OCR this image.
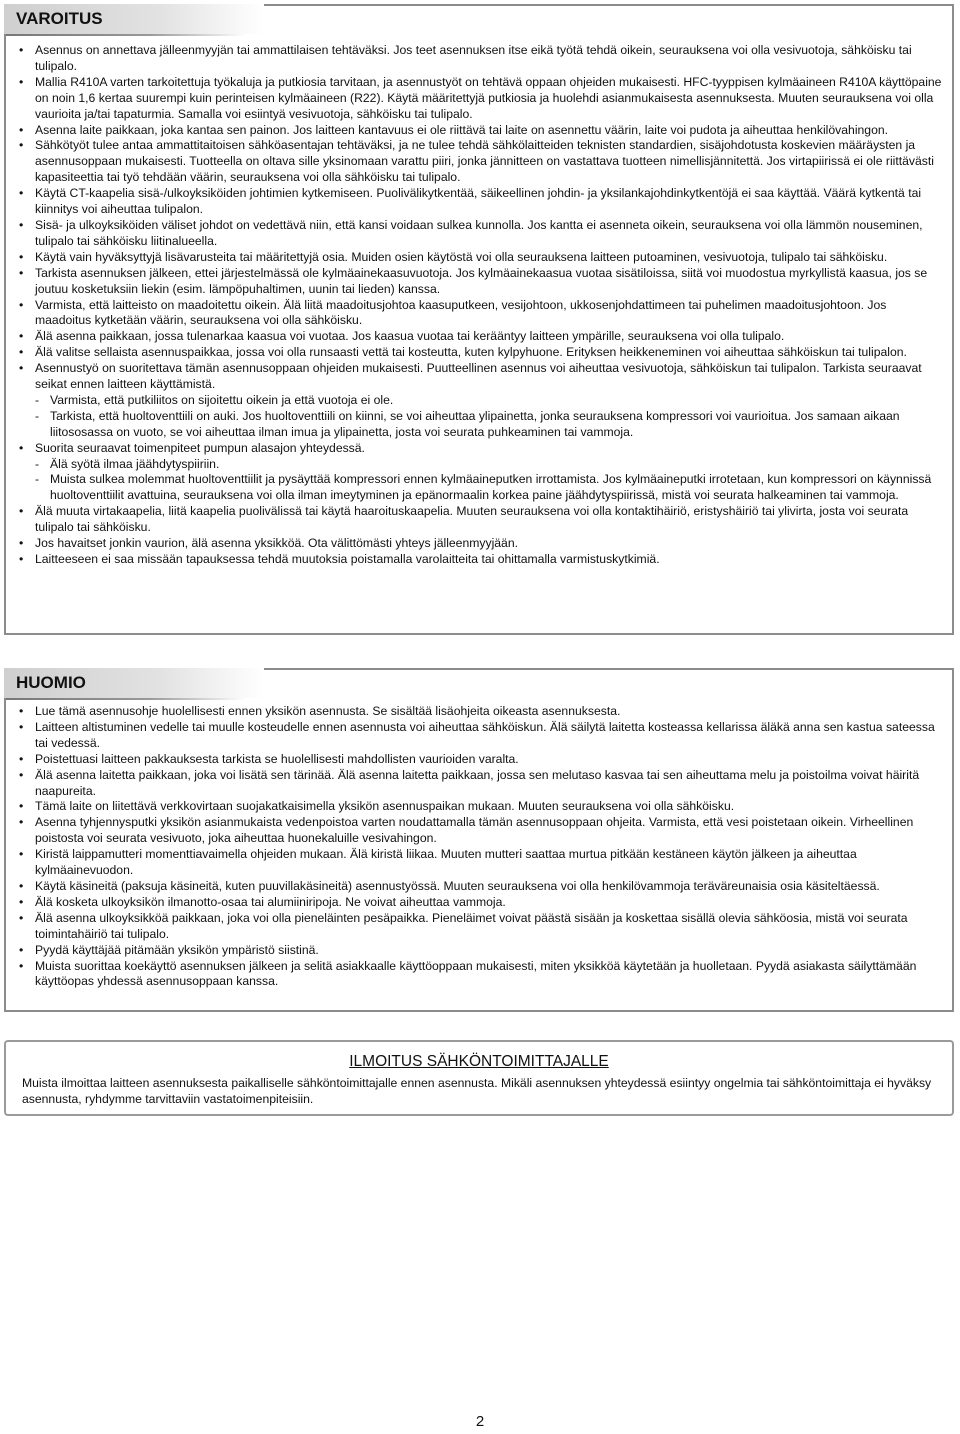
VAROITUS
• Asennus on annettava jälleenmyyjän tai ammattilaisen tehtäväksi. Jos teet asennuksen itse eikä työtä tehdä oikein, seurauksena voi olla vesivuotoja, sähköisku tai tulipalo.
• Mallia R410A varten tarkoitettuja työkaluja ja putkiosia tarvitaan, ja asennustyöt on tehtävä oppaan ohjeiden mukaisesti. HFC-tyyppisen kylmäaineen R410A käyttöpaine on noin 1,6 kertaa suurempi kuin perinteisen kylmäaineen (R22). Käytä määritettyjä putkiosia ja huolehdi asianmukaisesta asennuksesta. Muuten seurauksena voi olla vaurioita ja/tai tapaturmia. Samalla voi esiintyä vesivuotoja, sähköisku tai tulipalo.
• Asenna laite paikkaan, joka kantaa sen painon. Jos laitteen kantavuus ei ole riittävä tai laite on asennettu väärin, laite voi pudota ja aiheuttaa henkilövahingon.
• Sähkötyöt tulee antaa ammattitaitoisen sähköasentajan tehtäväksi, ja ne tulee tehdä sähkölaitteiden teknisten standardien, sisäjohdotusta koskevien määräysten ja asennusoppaan mukaisesti. Tuotteella on oltava sille yksinomaan varattu piiri, jonka jännitteen on vastattava tuotteen nimellisjännitettä. Jos virtapiirissä ei ole riittävästi kapasiteettia tai työ tehdään väärin, seurauksena voi olla sähköisku tai tulipalo.
• Käytä CT-kaapelia sisä-/ulkoyksiköiden johtimien kytkemiseen. Puolivälikytkentää, säikeellinen johdin- ja yksilankajohdinkytkentöjä ei saa käyttää. Väärä kytkentä tai kiinnitys voi aiheuttaa tulipalon.
• Sisä- ja ulkoyksiköiden väliset johdot on vedettävä niin, että kansi voidaan sulkea kunnolla. Jos kantta ei asenneta oikein, seurauksena voi olla lämmön nouseminen, tulipalo tai sähköisku liitinalueella.
• Käytä vain hyväksyttyjä lisävarusteita tai määritettyjä osia. Muiden osien käytöstä voi olla seurauksena laitteen putoaminen, vesivuotoja, tulipalo tai sähköisku.
• Tarkista asennuksen jälkeen, ettei järjestelmässä ole kylmäainekaasuvuotoja. Jos kylmäainekaasua vuotaa sisätiloissa, siitä voi muodostua myrkyllistä kaasua, jos se joutuu kosketuksiin liekin (esim. lämpöpuhaltimen, uunin tai lieden) kanssa.
• Varmista, että laitteisto on maadoitettu oikein. Älä liitä maadoitusjohtoa kaasuputkeen, vesijohtoon, ukkosenjohdattimeen tai puhelimen maadoitusjohtoon. Jos maadoitus kytketään väärin, seurauksena voi olla sähköisku.
• Älä asenna paikkaan, jossa tulenarkaa kaasua voi vuotaa. Jos kaasua vuotaa tai kerääntyy laitteen ympärille, seurauksena voi olla tulipalo.
• Älä valitse sellaista asennuspaikkaa, jossa voi olla runsaasti vettä tai kosteutta, kuten kylpyhuone. Erityksen heikkeneminen voi aiheuttaa sähköiskun tai tulipalon.
• Asennustyö on suoritettava tämän asennusoppaan ohjeiden mukaisesti. Puutteellinen asennus voi aiheuttaa vesivuotoja, sähköiskun tai tulipalon. Tarkista seuraavat seikat ennen laitteen käyttämistä.
- Varmista, että putkiliitos on sijoitettu oikein ja että vuotoja ei ole.
- Tarkista, että huoltoventtiili on auki. Jos huoltoventtiili on kiinni, se voi aiheuttaa ylipainetta, jonka seurauksena kompressori voi vaurioitua. Jos samaan aikaan liitososassa on vuoto, se voi aiheuttaa ilman imua ja ylipainetta, josta voi seurata puhkeaminen tai vammoja.
• Suorita seuraavat toimenpiteet pumpun alasajon yhteydessä.
- Älä syötä ilmaa jäähdytyspiiriin.
- Muista sulkea molemmat huoltoventtiilit ja pysäyttää kompressori ennen kylmäaineputken irrottamista. Jos kylmäaineputki irrotetaan, kun kompressori on käynnissä huoltoventtiilit avattuina, seurauksena voi olla ilman imeytyminen ja epänormaalin korkea paine jäähdytyspiirissä, mistä voi seurata halkeaminen tai vammoja.
• Älä muuta virtakaapelia, liitä kaapelia puolivälissä tai käytä haaroituskaapelia. Muuten seurauksena voi olla kontaktihäiriö, eristyshäiriö tai ylivirta, josta voi seurata tulipalo tai sähköisku.
• Jos havaitset jonkin vaurion, älä asenna yksikköä. Ota välittömästi yhteys jälleenmyyjään.
• Laitteeseen ei saa missään tapauksessa tehdä muutoksia poistamalla varolaitteita tai ohittamalla varmistuskytkimiä.
HUOMIO
• Lue tämä asennusohje huolellisesti ennen yksikön asennusta. Se sisältää lisäohjeita oikeasta asennuksesta.
• Laitteen altistuminen vedelle tai muulle kosteudelle ennen asennusta voi aiheuttaa sähköiskun. Älä säilytä laitetta kosteassa kellarissa äläkä anna sen kastua sateessa tai vedessä.
• Poistettuasi laitteen pakkauksesta tarkista se huolellisesti mahdollisten vaurioiden varalta.
• Älä asenna laitetta paikkaan, joka voi lisätä sen tärinää. Älä asenna laitetta paikkaan, jossa sen melutaso kasvaa tai sen aiheuttama melu ja poistoilma voivat häiritä naapureita.
• Tämä laite on liitettävä verkkovirtaan suojakatkaisimella yksikön asennuspaikan mukaan. Muuten seurauksena voi olla sähköisku.
• Asenna tyhjennysputki yksikön asianmukaista vedenpoistoa varten noudattamalla tämän asennusoppaan ohjeita. Varmista, että vesi poistetaan oikein. Virheellinen poistosta voi seurata vesivuoto, joka aiheuttaa huonekaluille vesivahingon.
• Kiristä laippamutteri momenttiavaimella ohjeiden mukaan. Älä kiristä liikaa. Muuten mutteri saattaa murtua pitkään kestäneen käytön jälkeen ja aiheuttaa kylmäainevuodon.
• Käytä käsineitä (paksuja käsineitä, kuten puuvillakäsineitä) asennustyössä. Muuten seurauksena voi olla henkilövammoja teräväreunaisia osia käsiteltäessä.
• Älä kosketa ulkoyksikön ilmanotto-osaa tai alumiiniripoja. Ne voivat aiheuttaa vammoja.
• Älä asenna ulkoyksikköä paikkaan, joka voi olla pieneläinten pesäpaikka. Pieneläimet voivat päästä sisään ja koskettaa sisällä olevia sähköosia, mistä voi seurata toimintahäiriö tai tulipalo.
• Pyydä käyttäjää pitämään yksikön ympäristö siistinä.
• Muista suorittaa koekäyttö asennuksen jälkeen ja selitä asiakkaalle käyttöoppaan mukaisesti, miten yksikköä käytetään ja huolletaan. Pyydä asiakasta säilyttämään käyttöopas yhdessä asennusoppaan kanssa.
ILMOITUS SÄHKÖNTOIMITTAJALLE
Muista ilmoittaa laitteen asennuksesta paikalliselle sähköntoimittajalle ennen asennusta. Mikäli asennuksen yhteydessä esiintyy ongelmia tai sähköntoimittaja ei hyväksy asennusta, ryhdymme tarvittaviin vastatoimenpiteisiin.
2
